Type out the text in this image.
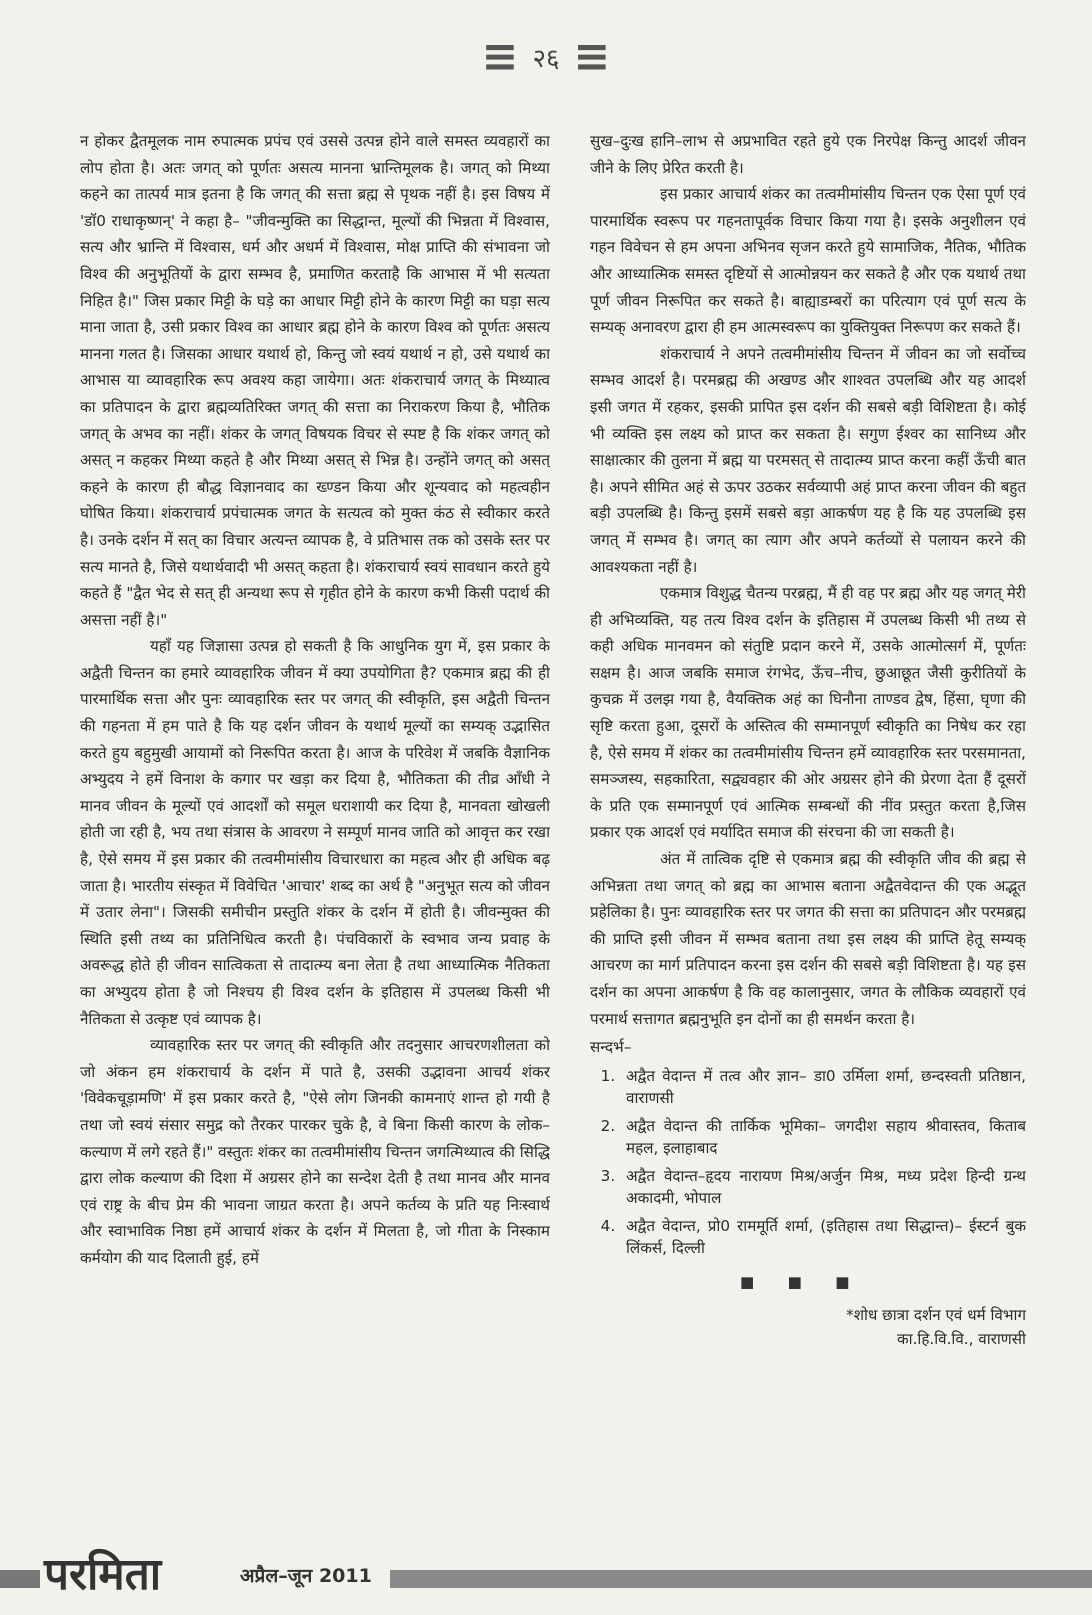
≡ २६ ≡

न होकर द्वैतमूलक नाम रुपात्मक प्रपंच एवं उससे उत्पन्न होने वाले समस्त व्यवहारों का लोप होता है। अतः जगत् को पूर्णतः असत्य मानना भ्रान्तिमूलक है। जगत् को मिथ्या कहने का तात्पर्य मात्र इतना है कि जगत् की सत्ता ब्रह्म से पृथक नहीं है। इस विषय में 'डॉ0 राधाकृष्णन्' ने कहा है– "जीवन्मुक्ति का सिद्धान्त, मूल्यों की भिन्नता में विश्वास, सत्य और भ्रान्ति में विश्वास, धर्म और अधर्म में विश्वास, मोक्ष प्राप्ति की संभावना जो विश्व की अनुभूतियों के द्वारा सम्भव है, प्रमाणित करताहै कि आभास में भी सत्यता निहित है।" जिस प्रकार मिट्टी के घड़े का आधार मिट्टी होने के कारण मिट्टी का घड़ा सत्य माना जाता है, उसी प्रकार विश्व का आधार ब्रह्म होने के कारण विश्व को पूर्णतः असत्य मानना गलत है। जिसका आधार यथार्थ हो, किन्तु जो स्वयं यथार्थ न हो, उसे यथार्थ का आभास या व्यावहारिक रूप अवश्य कहा जायेगा। अतः शंकराचार्य जगत् के मिथ्यात्व का प्रतिपादन के द्वारा ब्रह्मव्यतिरिक्त जगत् की सत्ता का निराकरण किया है, भौतिक जगत् के अभव का नहीं। शंकर के जगत् विषयक विचर से स्पष्ट है कि शंकर जगत् को असत् न कहकर मिथ्या कहते है और मिथ्या असत् से भिन्न है। उन्होंने जगत् को असत् कहने के कारण ही बौद्ध विज्ञानवाद का ख्ण्डन किया और शून्यवाद को महत्वहीन घोषित किया। शंकराचार्य प्रपंचात्मक जगत के सत्यत्व को मुक्त कंठ से स्वीकार करते है। उनके दर्शन में सत् का विचार अत्यन्त व्यापक है, वे प्रतिभास तक को उसके स्तर पर सत्य मानते है, जिसे यथार्थवादी भी असत् कहता है। शंकराचार्य स्वयं सावधान करते हुये कहते हैं "द्वैत भेद से सत् ही अन्यथा रूप से गृहीत होने के कारण कभी किसी पदार्थ की असत्ता नहीं है।"

यहाँ यह जिज्ञासा उत्पन्न हो सकती है कि आधुनिक युग में, इस प्रकार के अद्वैती चिन्तन का हमारे व्यावहारिक जीवन में क्या उपयोगिता है? एकमात्र ब्रह्म की ही पारमार्थिक सत्ता और पुनः व्यावहारिक स्तर पर जगत् की स्वीकृति, इस अद्वैती चिन्तन की गहनता में हम पाते है कि यह दर्शन जीवन के यथार्थ मूल्यों का सम्यक् उद्भासित करते हुय बहुमुखी आयामों को निरूपित करता है। आज के परिवेश में जबकि वैज्ञानिक अभ्युदय ने हमें विनाश के कगार पर खड़ा कर दिया है, भौतिकता की तीव्र आँधी ने मानव जीवन के मूल्यों एवं आदर्शों को समूल धराशायी कर दिया है, मानवता खोखली होती जा रही है, भय तथा संत्रास के आवरण ने सम्पूर्ण मानव जाति को आवृत्त कर रखा है, ऐसे समय में इस प्रकार की तत्वमीमांसीय विचारधारा का महत्व और ही अधिक बढ़ जाता है। भारतीय संस्कृत में विवेचित 'आचार' शब्द का अर्थ है "अनुभूत सत्य को जीवन में उतार लेना"। जिसकी समीचीन प्रस्तुति शंकर के दर्शन में होती है। जीवन्मुक्त की स्थिति इसी तथ्य का प्रतिनिधित्व करती है। पंचविकारों के स्वभाव जन्य प्रवाह के अवरूद्ध होते ही जीवन सात्विकता से तादात्म्य बना लेता है तथा आध्यात्मिक नैतिकता का अभ्युदय होता है जो निश्चय ही विश्व दर्शन के इतिहास में उपलब्ध किसी भी नैतिकता से उत्कृष्ट एवं व्यापक है।

व्यावहारिक स्तर पर जगत् की स्वीकृति और तदनुसार आचरणशीलता को जो अंकन हम शंकराचार्य के दर्शन में पाते है, उसकी उद्भावना आचर्य शंकर 'विवेकचूड़ामणि' में इस प्रकार करते है, "ऐसे लोग जिनकी कामनाएं शान्त हो गयी है तथा जो स्वयं संसार समुद्र को तैरकर पारकर चुके है, वे बिना किसी कारण के लोक–कल्याण में लगे रहते हैं।" वस्तुतः शंकर का तत्वमीमांसीय चिन्तन जगत्मिथ्यात्व की सिद्धि द्वारा लोक कल्याण की दिशा में अग्रसर होने का सन्देश देती है तथा मानव और मानव एवं राष्ट्र के बीच प्रेम की भावना जाग्रत करता है। अपने कर्तव्य के प्रति यह निःस्वार्थ और स्वाभाविक निष्ठा हमें आचार्य शंकर के दर्शन में मिलता है, जो गीता के निस्काम कर्मयोग की याद दिलाती हुई, हमें

सुख–दुःख हानि–लाभ से अप्रभावित रहते हुये एक निरपेक्ष किन्तु आदर्श जीवन जीने के लिए प्रेरित करती है।

इस प्रकार आचार्य शंकर का तत्वमीमांसीय चिन्तन एक ऐसा पूर्ण एवं पारमार्थिक स्वरूप पर गहनतापूर्वक विचार किया गया है। इसके अनुशीलन एवं गहन विवेचन से हम अपना अभिनव सृजन करते हुये सामाजिक, नैतिक, भौतिक और आध्यात्मिक समस्त दृष्टियों से आत्मोन्नयन कर सकते है और एक यथार्थ तथा पूर्ण जीवन निरूपित कर सकते है। बाह्याडम्बरों का परित्याग एवं पूर्ण सत्य के सम्यक् अनावरण द्वारा ही हम आत्मस्वरूप का युक्तियुक्त निरूपण कर सकते हैं।

शंकराचार्य ने अपने तत्वमीमांसीय चिन्तन में जीवन का जो सर्वोच्च सम्भव आदर्श है। परमब्रह्म की अखण्ड और शाश्वत उपलब्धि और यह आदर्श इसी जगत में रहकर, इसकी प्रापित इस दर्शन की सबसे बड़ी विशिष्टता है। कोई भी व्यक्ति इस लक्ष्य को प्राप्त कर सकता है। सगुण ईश्वर का सानिध्य और साक्षात्कार की तुलना में ब्रह्म या परमसत् से तादात्म्य प्राप्त करना कहीं ऊँची बात है। अपने सीमित अहं से ऊपर उठकर सर्वव्यापी अहं प्राप्त करना जीवन की बहुत बड़ी उपलब्धि है। किन्तु इसमें सबसे बड़ा आकर्षण यह है कि यह उपलब्धि इस जगत् में सम्भव है। जगत् का त्याग और अपने कर्तव्यों से पलायन करने की आवश्यकता नहीं है।

एकमात्र विशुद्ध चैतन्य परब्रह्म, मैं ही वह पर ब्रह्म और यह जगत् मेरी ही अभिव्यक्ति, यह तत्य विश्व दर्शन के इतिहास में उपलब्ध किसी भी तथ्य से कही अधिक मानवमन को संतुष्टि प्रदान करने में, उसके आत्मोत्सर्ग में, पूर्णतः सक्षम है। आज जबकि समाज रंगभेद, ऊँच–नीच, छुआछूत जैसी कुरीतियों के कुचक्र में उलझ गया है, वैयक्तिक अहं का घिनौना ताण्डव द्वेष, हिंसा, घृणा की सृष्टि करता हुआ, दूसरों के अस्तित्व की सम्मानपूर्ण स्वीकृति का निषेध कर रहा है, ऐसे समय में शंकर का तत्वमीमांसीय चिन्तन हमें व्यावहारिक स्तर परसमानता, समञ्जस्य, सहकारिता, सद्व्यवहार की ओर अग्रसर होने की प्रेरणा देता हैं दूसरों के प्रति एक सम्मानपूर्ण एवं आत्मिक सम्बन्धों की नींव प्रस्तुत करता है,जिस प्रकार एक आदर्श एवं मर्यादित समाज की संरचना की जा सकती है।

अंत में तात्विक दृष्टि से एकमात्र ब्रह्म की स्वीकृति जीव की ब्रह्म से अभिन्नता तथा जगत् को ब्रह्म का आभास बताना अद्वैतवेदान्त की एक अद्भूत प्रहेलिका है। पुनः व्यावहारिक स्तर पर जगत की सत्ता का प्रतिपादन और परमब्रह्म की प्राप्ति इसी जीवन में सम्भव बताना तथा इस लक्ष्य की प्राप्ति हेतू सम्यक् आचरण का मार्ग प्रतिपादन करना इस दर्शन की सबसे बड़ी विशिष्टता है। यह इस दर्शन का अपना आकर्षण है कि वह कालानुसार, जगत के लौकिक व्यवहारों एवं परमार्थ सत्तागत ब्रह्मनुभूति इन दोनों का ही समर्थन करता है।

सन्दर्भ–
1. अद्वैत वेदान्त में तत्व और ज्ञान– डा0 उर्मिला शर्मा, छन्दस्वती प्रतिष्ठान, वाराणसी
2. अद्वैत वेदान्त की तार्किक भूमिका– जगदीश सहाय श्रीवास्तव, किताब महल, इलाहाबाद
3. अद्वैत वेदान्त–हृदय नारायण मिश्र/अर्जुन मिश्र, मध्य प्रदेश हिन्दी ग्रन्थ अकादमी, भोपाल
4. अद्वैत वेदान्त, प्रो0 राममूर्ति शर्मा, (इतिहास तथा सिद्धान्त)– ईस्टर्न बुक लिंकर्स, दिल्ली
■ ■ ■
*शोध छात्रा दर्शन एवं धर्म विभाग
का.हि.वि.वि., वाराणसी
परमिता	अप्रैल–जून 2011
